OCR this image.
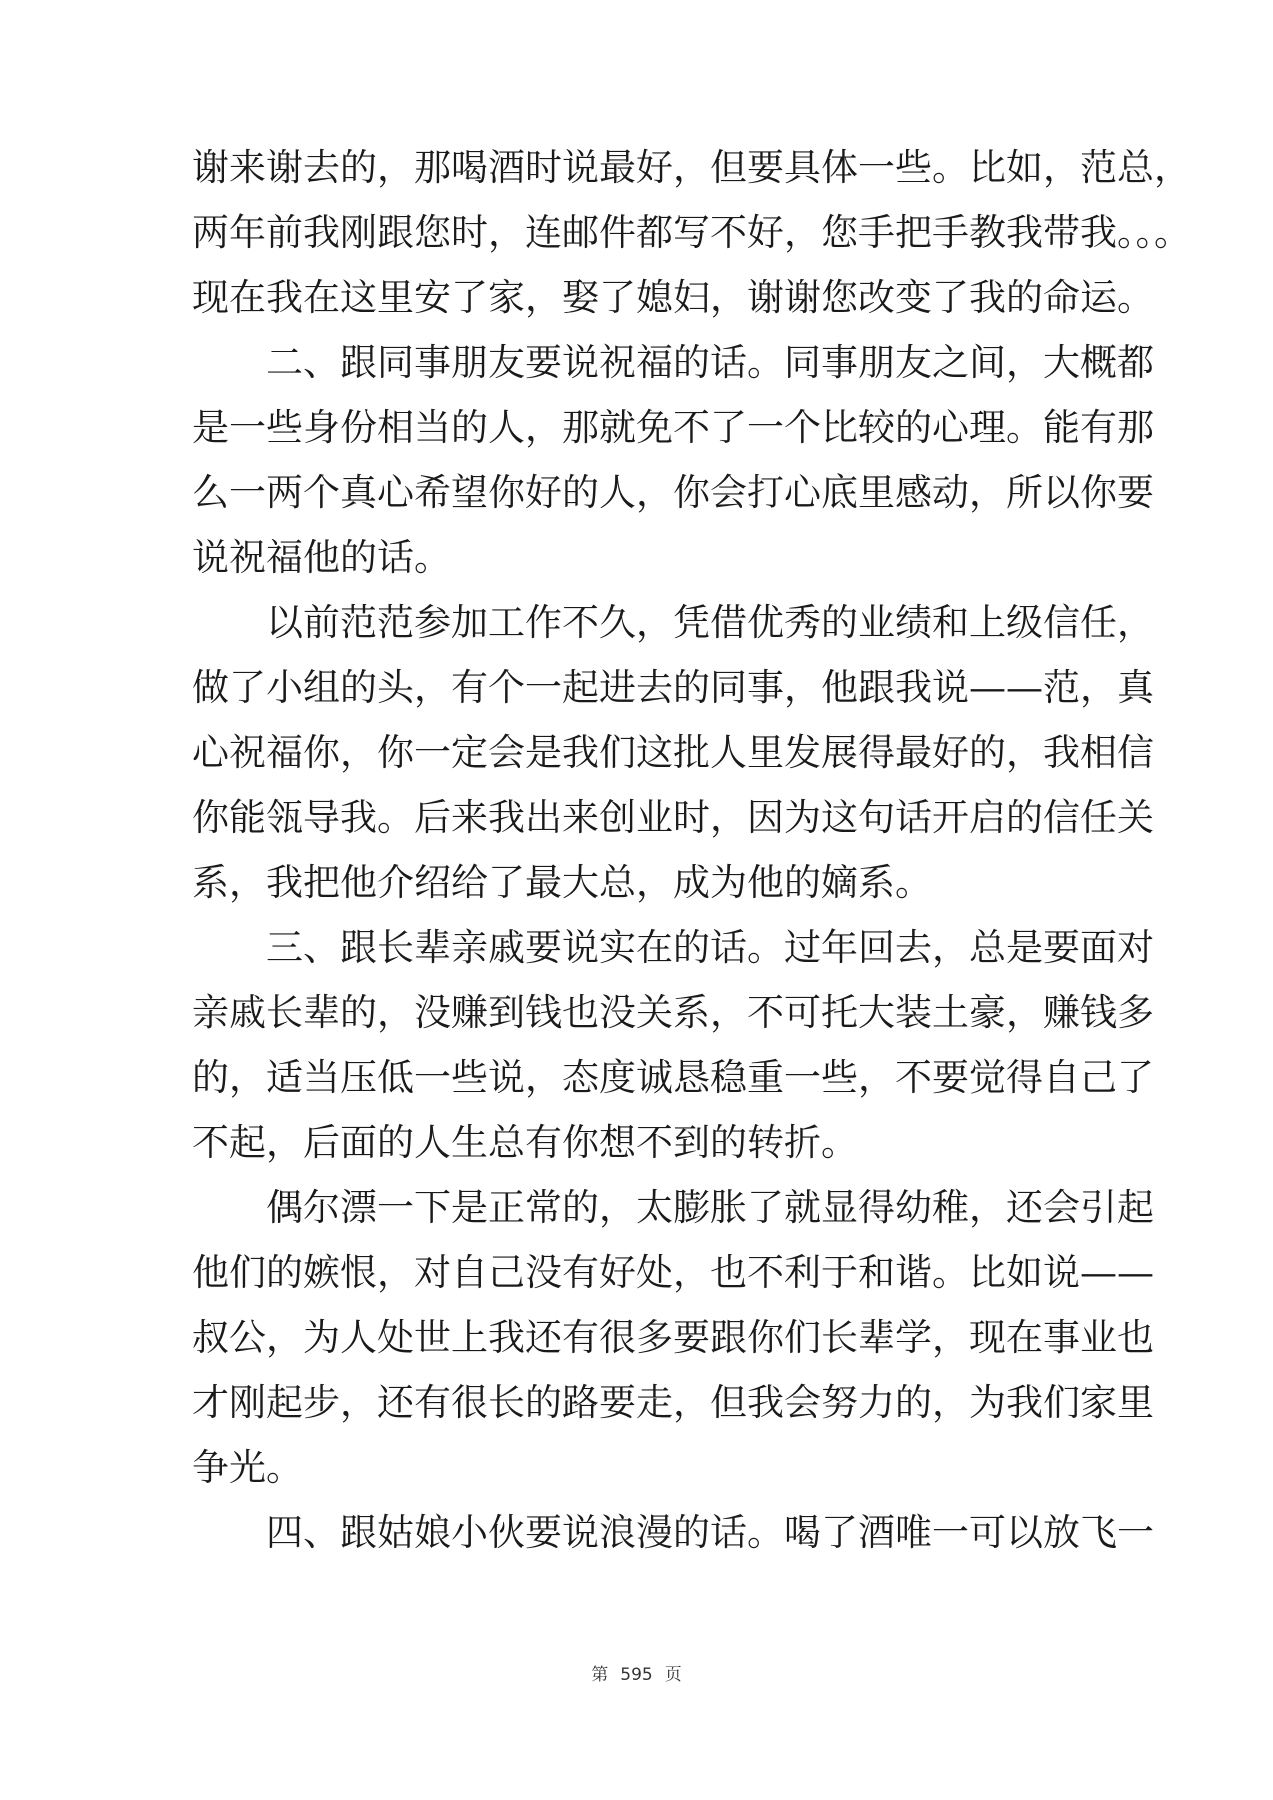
谢来谢去的，那喝酒时说最好，但要具体一些。比如，范总，
两年前我刚跟您时，连邮件都写不好，您手把手教我带我。。。
现在我在这里安了家，娶了媳妇，谢谢您改变了我的命运。
二、跟同事朋友要说祝福的话。同事朋友之间，大概都
是一些身份相当的人，那就免不了一个比较的心理。能有那
么一两个真心希望你好的人，你会打心底里感动，所以你要
说祝福他的话。
以前范范参加工作不久，凭借优秀的业绩和上级信任，
做了小组的头，有个一起进去的同事，他跟我说——范，真
心祝福你，你一定会是我们这批人里发展得最好的，我相信
你能瓴导我。后来我出来创业时，因为这句话开启的信任关
系，我把他介绍给了最大总，成为他的嫡系。
三、跟长辈亲戚要说实在的话。过年回去，总是要面对
亲戚长辈的，没赚到钱也没关系，不可托大装土豪，赚钱多
的，适当压低一些说，态度诚恳稳重一些，不要觉得自己了
不起，后面的人生总有你想不到的转折。
偶尔漂一下是正常的，太膨胀了就显得幼稚，还会引起
他们的嫉恨，对自己没有好处，也不利于和谐。比如说——
叔公，为人处世上我还有很多要跟你们长辈学，现在事业也
才刚起步，还有很长的路要走，但我会努力的，为我们家里
争光。
四、跟姑娘小伙要说浪漫的话。喝了酒唯一可以放飞一
第 595 页
